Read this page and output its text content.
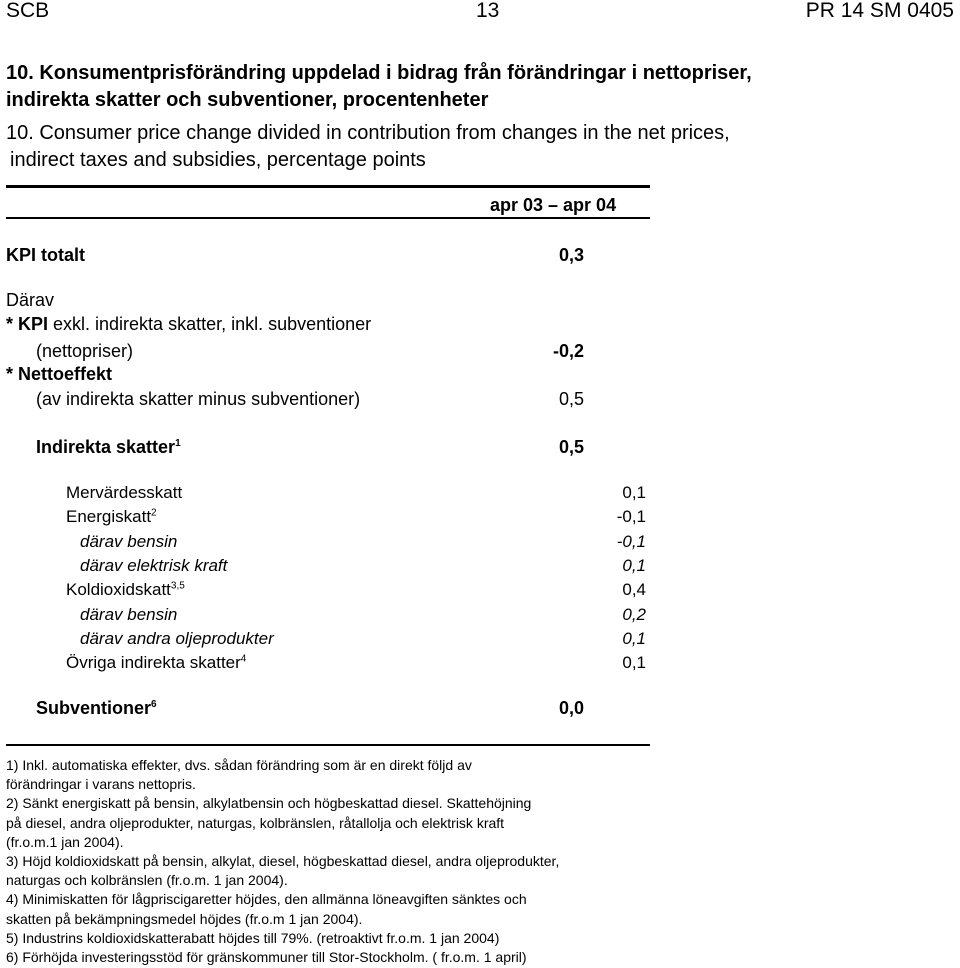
SCB	13	PR 14 SM 0405
10. Konsumentprisförändring uppdelad i bidrag från förändringar i nettopriser,
indirekta skatter och subventioner, procentenheter
10. Consumer price change divided in contribution from changes in the net prices,
indirect taxes and subsidies, percentage points
apr 03 – apr 04
KPI totalt	0,3
Därav
* KPI exkl. indirekta skatter, inkl. subventioner
(nettopriser)	-0,2
* Nettoeffekt
(av indirekta skatter minus subventioner)	0,5
Indirekta skatter$^1$	0,5
Mervärdesskatt	0,1
Energiskatt$^2$	-0,1
därav bensin	-0,1
därav elektrisk kraft	0,1
Koldioxidskatt$^{3,5}$	0,4
därav bensin	0,2
därav andra oljeprodukter	0,1
Övriga indirekta skatter$^4$	0,1
Subventioner$^6$	0,0
1) Inkl. automatiska effekter, dvs. sådan förändring som är en direkt följd av
förändringar i varans nettopris.
2) Sänkt energiskatt på bensin, alkylatbensin och högbeskattad diesel. Skattehöjning
på diesel, andra oljeprodukter, naturgas, kolbränslen, råtallolja och elektrisk kraft
(fr.o.m.1 jan 2004).
3) Höjd koldioxidskatt på bensin, alkylat, diesel, högbeskattad diesel, andra oljeprodukter,
naturgas och kolbränslen (fr.o.m. 1 jan 2004).
4) Minimiskatten för lågpriscigaretter höjdes, den allmänna löneavgiften sänktes och
skatten på bekämpningsmedel höjdes (fr.o.m 1 jan 2004).
5) Industrins koldioxidskatterabatt höjdes till 79%. (retroaktivt fr.o.m. 1 jan 2004)
6) Förhöjda investeringsstöd för gränskommuner till Stor-Stockholm. ( fr.o.m. 1 april)
